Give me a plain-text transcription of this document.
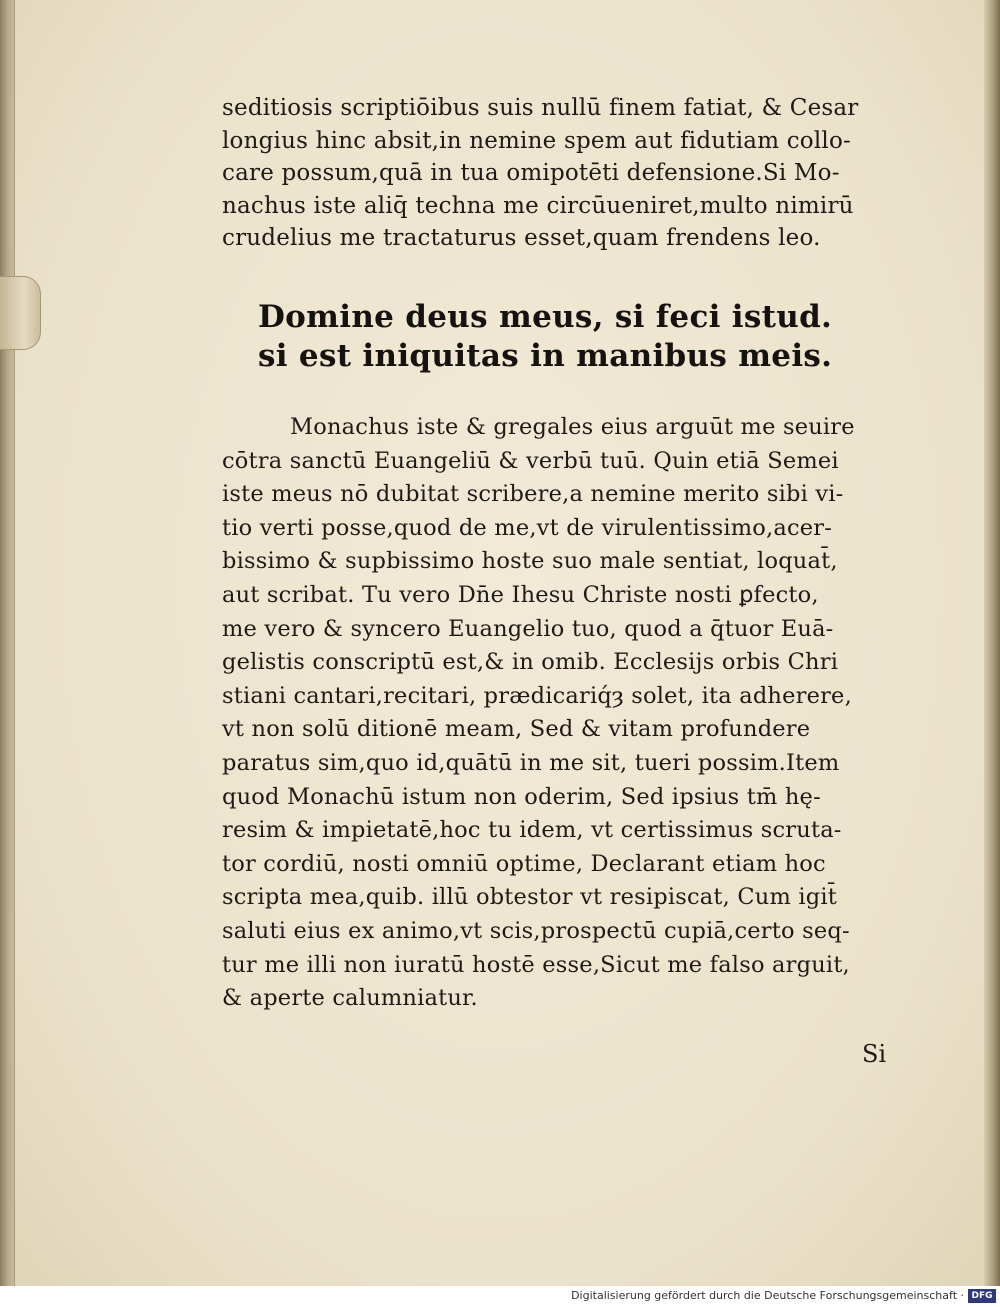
seditiosis scriptiōibus suis nullū finem fatiat, & Cesar
longius hinc absit,in nemine spem aut fidutiam collo-
care possum,quā in tua omipotēti defensione.Si Mo-
nachus iste aliq̄ techna me circūueniret,multo nimirū
crudelius me tractaturus esset,quam frendens leo.
Domine deus meus, si feci istud.
si est iniquitas in manibus meis.
Monachus iste & gregales eius arguūt me seuire
cōtra sanctū Euangeliū & verbū tuū. Quin etiā Semei
iste meus nō dubitat scribere,a nemine merito sibi vi-
tio verti posse,quod de me,vt de virulentissimo,acer-
bissimo & supbissimo hoste suo male sentiat, loquat̄,
aut scribat. Tu vero Dn̄e Ihesu Christe nosti ꝑfecto,
me vero & syncero Euangelio tuo, quod a q̄tuor Euā-
gelistis conscriptū est,& in omib. Ecclesijs orbis Chri
stiani cantari,recitari, prædicariq́ȝ solet, ita adherere,
vt non solū ditionē meam, Sed & vitam profundere
paratus sim,quo id,quātū in me sit, tueri possim.Item
quod Monachū istum non oderim, Sed ipsius tm̄ hę-
resim & impietatē,hoc tu idem, vt certissimus scruta-
tor cordiū, nosti omniū optime, Declarant etiam hoc
scripta mea,quib. illū obtestor vt resipiscat, Cum igit̄
saluti eius ex animo,vt scis,prospectū cupiā,certo seq-
tur me illi non iuratū hostē esse,Sicut me falso arguit,
& aperte calumniatur.
Si
Digitalisierung gefördert durch die Deutsche Forschungsgemeinschaft · DFG
